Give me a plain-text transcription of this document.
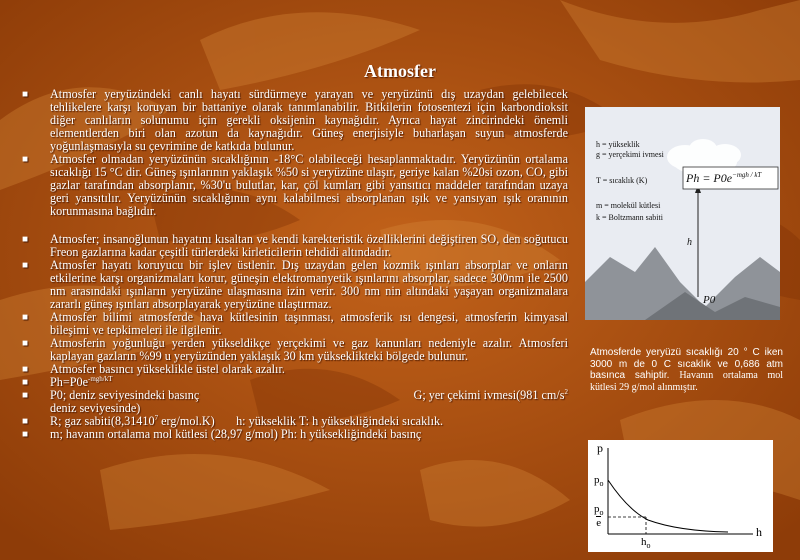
Atmosfer
■ Atmosfer yeryüzündeki canlı hayatı sürdürmeye yarayan ve yeryüzünü dış uzaydan gelebilecek tehlikelere karşı koruyan bir battaniye olarak tanımlanabilir. Bitkilerin fotosentezi için karbondioksit diğer canlıların solunumu için gerekli oksijenin kaynağıdır. Ayrıca hayat zincirindeki önemli elementlerden biri olan azotun da kaynağıdır. Güneş enerjisiyle buharlaşan suyun atmosferde yoğunlaşmasıyla su çevrimine de katkıda bulunur.
■ Atmosfer olmadan yeryüzünün sıcaklığının -18°C olabileceği hesaplanmaktadır. Yeryüzünün ortalama sıcaklığı 15 °C dir. Güneş ışınlarının yaklaşık %50 si yeryüzüne ulaşır, geriye kalan %20si ozon, CO, gibi gazlar tarafından absorplanır, %30'u bulutlar, kar, çöl kumları gibi yansıtıcı maddeler tarafından uzaya geri yansıtılır. Yeryüzünün sıcaklığının aynı kalabilmesi absorplanan ışık ve yansıyan ışık oranının korunmasına bağlıdır.
■ Atmosfer; insanoğlunun hayatını kısaltan ve kendi karekteristik özelliklerini değiştiren SO, den soğutucu Freon gazlarına kadar çeşitli türlerdeki kirleticilerin tehdidi altındadır.
■ Atmosfer hayatı koruyucu bir işlev üstlenir. Dış uzaydan gelen kozmik ışınları absorplar ve onların etkilerine karşı organizmaları korur, güneşin elektromanyetik ışınlarını absorplar, sadece 300nm ile 2500 nm arasındaki ışınların yeryüzüne ulaşmasına izin verir. 300 nm nin altındaki yaşayan organizmalara zararlı güneş ışınları absorplayarak yeryüzüne ulaştırmaz.
■ Atmosfer bilimi atmosferde hava kütlesinin taşınması, atmosferik ısı dengesi, atmosferin kimyasal bileşimi ve tepkimeleri ile ilgilenir.
■ Atmosferin yoğunluğu yerden yükseldikçe yerçekimi ve gaz kanunları nedeniyle azalır. Atmosferi kaplayan gazların %99 u yeryüzünden yaklaşık 30 km yükseklikteki bölgede bulunur.
■ Atmosfer basıncı yükseklikle üstel olarak azalır.
■ $Ph=P0e^{-mgh/kT}$
■ P0; deniz seviyesindeki basınç	G; yer çekimi ivmesi(981 $cm/s^2$

deniz seviyesinde)
■ R; gaz sabiti(8,31410$^7$ erg/mol.K) h: yükseklik T: h yüksekliğindeki sıcaklık.
■ m; havanın ortalama mol kütlesi (28,97 g/mol) Ph: h yüksekliğindeki basınç
h = yükseklik
g = yerçekimi ivmesi
T = sıcaklık (K)
m = molekül kütlesi
k = Boltzmann sabiti
$Ph = P0e^{-mgh / kT}$
h
P0
Atmosferde yeryüzü sıcaklığı 20 ° C iken 3000 m de 0 C sıcaklık ve 0,686 atm basınca sahiptir. Havanın ortalama mol kütlesi 29 g/mol alınmıştır.
p
$p_o$
$p_o$
e
h
$h_o$
